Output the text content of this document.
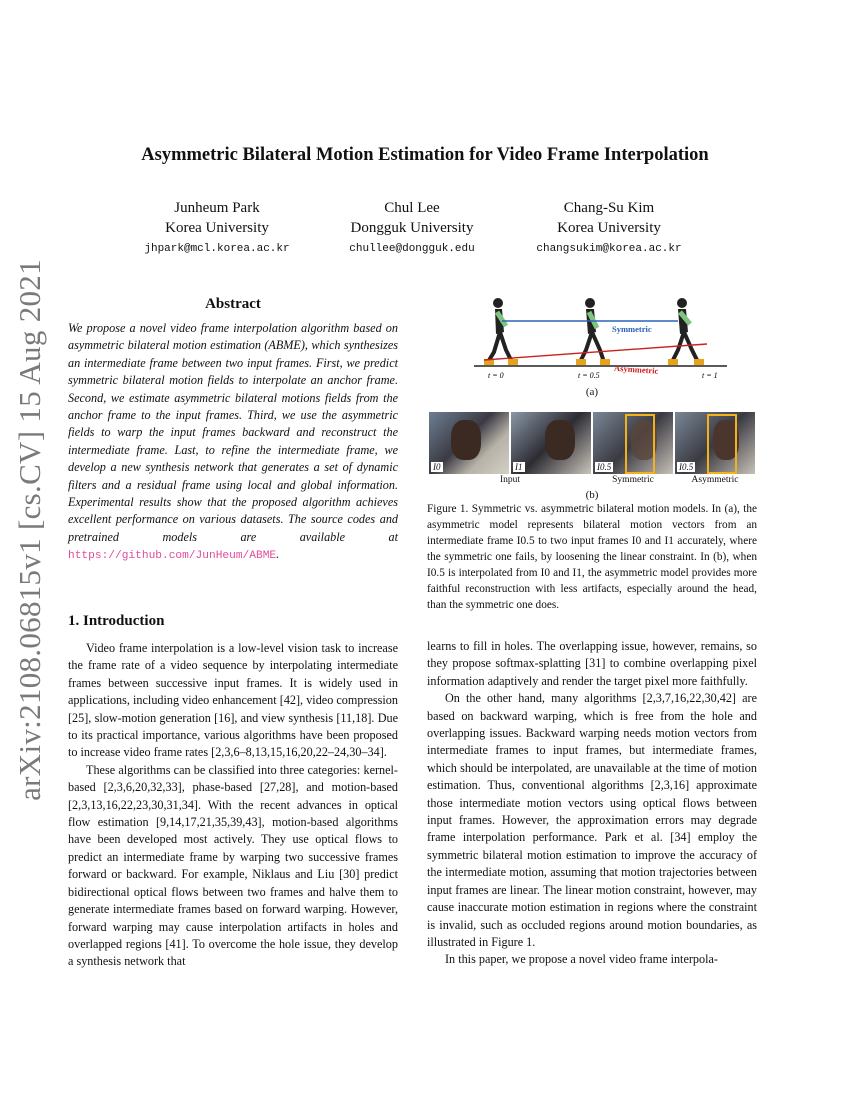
arXiv:2108.06815v1 [cs.CV] 15 Aug 2021
Asymmetric Bilateral Motion Estimation for Video Frame Interpolation
Junheum Park
Korea University
jhpark@mcl.korea.ac.kr
Chul Lee
Dongguk University
chullee@dongguk.edu
Chang-Su Kim
Korea University
changsukim@korea.ac.kr
Abstract
We propose a novel video frame interpolation algorithm based on asymmetric bilateral motion estimation (ABME), which synthesizes an intermediate frame between two input frames. First, we predict symmetric bilateral motion fields to interpolate an anchor frame. Second, we estimate asymmetric bilateral motions fields from the anchor frame to the input frames. Third, we use the asymmetric fields to warp the input frames backward and reconstruct the intermediate frame. Last, to refine the intermediate frame, we develop a new synthesis network that generates a set of dynamic filters and a residual frame using local and global information. Experimental results show that the proposed algorithm achieves excellent performance on various datasets. The source codes and pretrained models are available at https://github.com/JunHeum/ABME.
Symmetric
Asymmetric
t = 0	t = 0.5	t = 1
(a)
I0	I1	I0.5	I0.5
Input	Symmetric	Asymmetric
(b)
Figure 1. Symmetric vs. asymmetric bilateral motion models. In (a), the asymmetric model represents bilateral motion vectors from an intermediate frame I0.5 to two input frames I0 and I1 accurately, where the symmetric one fails, by loosening the linear constraint. In (b), when I0.5 is interpolated from I0 and I1, the asymmetric model provides more faithful reconstruction with less artifacts, especially around the head, than the symmetric one does.
1. Introduction

Video frame interpolation is a low-level vision task to increase the frame rate of a video sequence by interpolating intermediate frames between successive input frames. It is widely used in applications, including video enhancement [42], video compression [25], slow-motion generation [16], and view synthesis [11,18]. Due to its practical importance, various algorithms have been proposed to increase video frame rates [2,3,6–8,13,15,16,20,22–24,30–34].

These algorithms can be classified into three categories: kernel-based [2,3,6,20,32,33], phase-based [27,28], and motion-based [2,3,13,16,22,23,30,31,34]. With the recent advances in optical flow estimation [9,14,17,21,35,39,43], motion-based algorithms have been developed most actively. They use optical flows to predict an intermediate frame by warping two successive frames forward or backward. For example, Niklaus and Liu [30] predict bidirectional optical flows between two frames and halve them to generate intermediate frames based on forward warping. However, forward warping may cause interpolation artifacts in holes and overlapped regions [41]. To overcome the hole issue, they develop a synthesis network that

learns to fill in holes. The overlapping issue, however, remains, so they propose softmax-splatting [31] to combine overlapping pixel information adaptively and render the target pixel more faithfully.

On the other hand, many algorithms [2,3,7,16,22,30,42] are based on backward warping, which is free from the hole and overlapping issues. Backward warping needs motion vectors from intermediate frames to input frames, but intermediate frames, which should be interpolated, are unavailable at the time of motion estimation. Thus, conventional algorithms [2,3,16] approximate those intermediate motion vectors using optical flows between input frames. However, the approximation errors may degrade frame interpolation performance. Park et al. [34] employ the symmetric bilateral motion estimation to improve the accuracy of the intermediate motion, assuming that motion trajectories between input frames are linear. The linear motion constraint, however, may cause inaccurate motion estimation in regions where the constraint is invalid, such as occluded regions around motion boundaries, as illustrated in Figure 1.

In this paper, we propose a novel video frame interpola-
